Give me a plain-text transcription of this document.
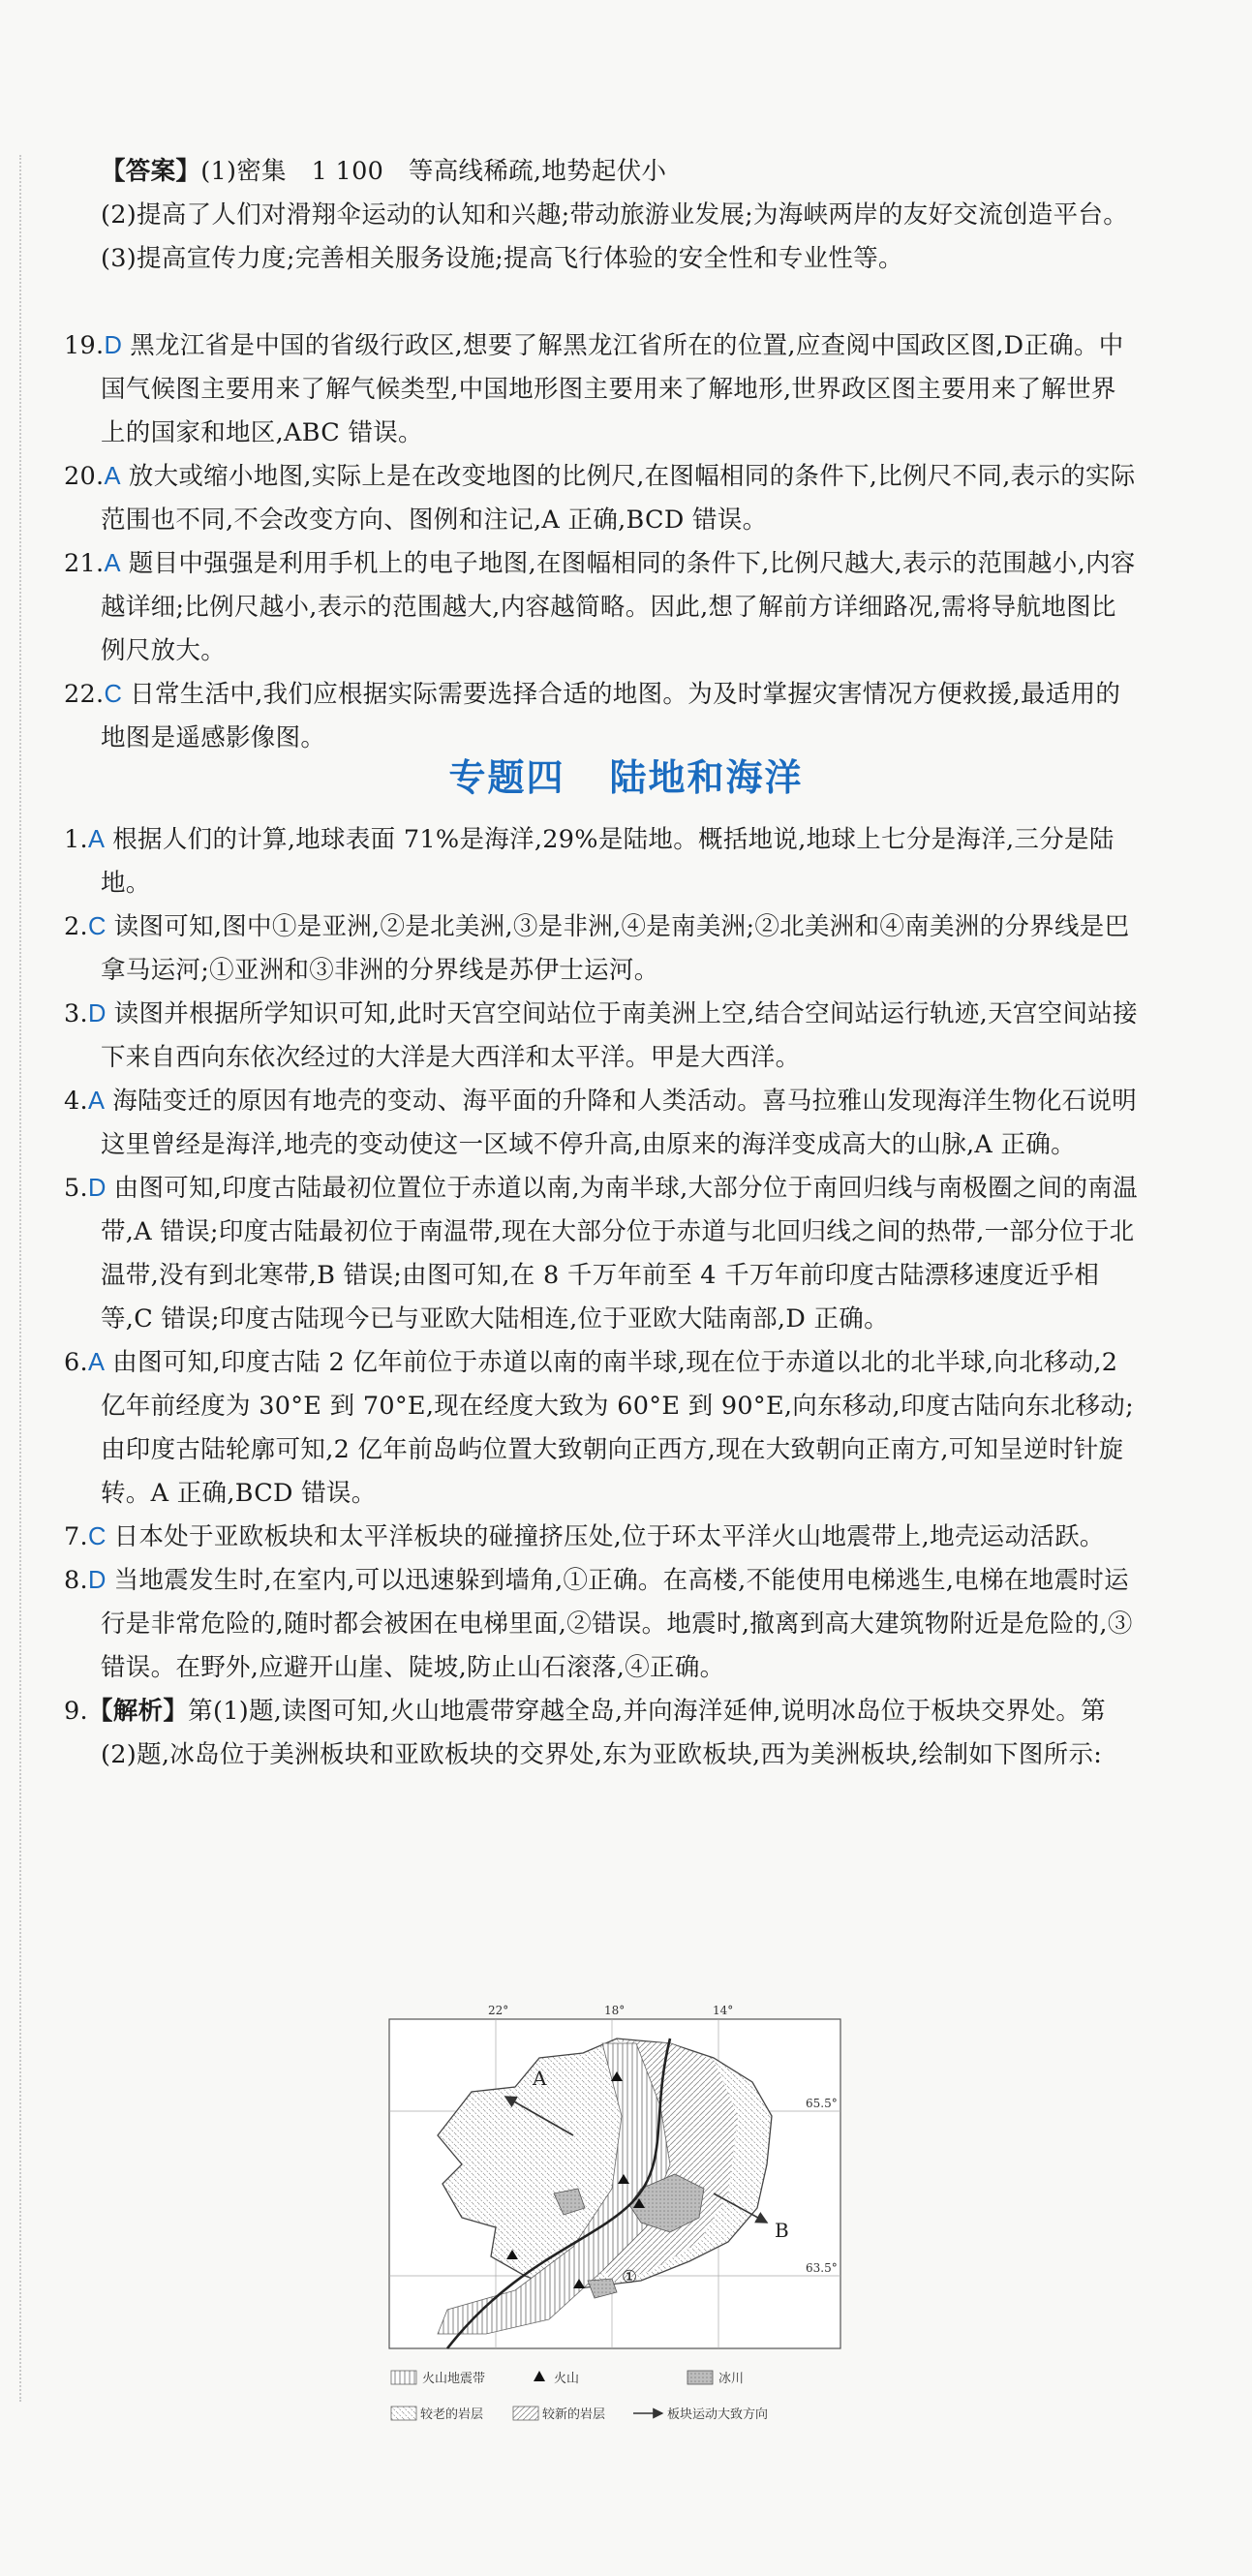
【答案】(1)密集　1 100　等高线稀疏,地势起伏小

(2)提高了人们对滑翔伞运动的认知和兴趣;带动旅游业发展;为海峡两岸的友好交流创造平台。

(3)提高宣传力度;完善相关服务设施;提高飞行体验的安全性和专业性等。

19.D 黑龙江省是中国的省级行政区,想要了解黑龙江省所在的位置,应查阅中国政区图,D正确。中国气候图主要用来了解气候类型,中国地形图主要用来了解地形,世界政区图主要用来了解世界上的国家和地区,ABC 错误。

20.A 放大或缩小地图,实际上是在改变地图的比例尺,在图幅相同的条件下,比例尺不同,表示的实际范围也不同,不会改变方向、图例和注记,A 正确,BCD 错误。

21.A 题目中强强是利用手机上的电子地图,在图幅相同的条件下,比例尺越大,表示的范围越小,内容越详细;比例尺越小,表示的范围越大,内容越简略。因此,想了解前方详细路况,需将导航地图比例尺放大。

22.C 日常生活中,我们应根据实际需要选择合适的地图。为及时掌握灾害情况方便救援,最适用的地图是遥感影像图。

专题四 陆地和海洋

1.A 根据人们的计算,地球表面 71%是海洋,29%是陆地。概括地说,地球上七分是海洋,三分是陆地。

2.C 读图可知,图中①是亚洲,②是北美洲,③是非洲,④是南美洲;②北美洲和④南美洲的分界线是巴拿马运河;①亚洲和③非洲的分界线是苏伊士运河。

3.D 读图并根据所学知识可知,此时天宫空间站位于南美洲上空,结合空间站运行轨迹,天宫空间站接下来自西向东依次经过的大洋是大西洋和太平洋。甲是大西洋。

4.A 海陆变迁的原因有地壳的变动、海平面的升降和人类活动。喜马拉雅山发现海洋生物化石说明这里曾经是海洋,地壳的变动使这一区域不停升高,由原来的海洋变成高大的山脉,A 正确。

5.D 由图可知,印度古陆最初位置位于赤道以南,为南半球,大部分位于南回归线与南极圈之间的南温带,A 错误;印度古陆最初位于南温带,现在大部分位于赤道与北回归线之间的热带,一部分位于北温带,没有到北寒带,B 错误;由图可知,在 8 千万年前至 4 千万年前印度古陆漂移速度近乎相等,C 错误;印度古陆现今已与亚欧大陆相连,位于亚欧大陆南部,D 正确。

6.A 由图可知,印度古陆 2 亿年前位于赤道以南的南半球,现在位于赤道以北的北半球,向北移动,2 亿年前经度为 30°E 到 70°E,现在经度大致为 60°E 到 90°E,向东移动,印度古陆向东北移动;由印度古陆轮廓可知,2 亿年前岛屿位置大致朝向正西方,现在大致朝向正南方,可知呈逆时针旋转。A 正确,BCD 错误。

7.C 日本处于亚欧板块和太平洋板块的碰撞挤压处,位于环太平洋火山地震带上,地壳运动活跃。

8.D 当地震发生时,在室内,可以迅速躲到墙角,①正确。在高楼,不能使用电梯逃生,电梯在地震时运行是非常危险的,随时都会被困在电梯里面,②错误。地震时,撤离到高大建筑物附近是危险的,③错误。在野外,应避开山崖、陡坡,防止山石滚落,④正确。

9.【解析】第(1)题,读图可知,火山地震带穿越全岛,并向海洋延伸,说明冰岛位于板块交界处。第(2)题,冰岛位于美洲板块和亚欧板块的交界处,东为亚欧板块,西为美洲板块,绘制如下图所示:

22°	18°	14°
65.5°
63.5°
A
B
①
火山地震带	火山	冰川
较老的岩层	较新的岩层	板块运动大致方向
